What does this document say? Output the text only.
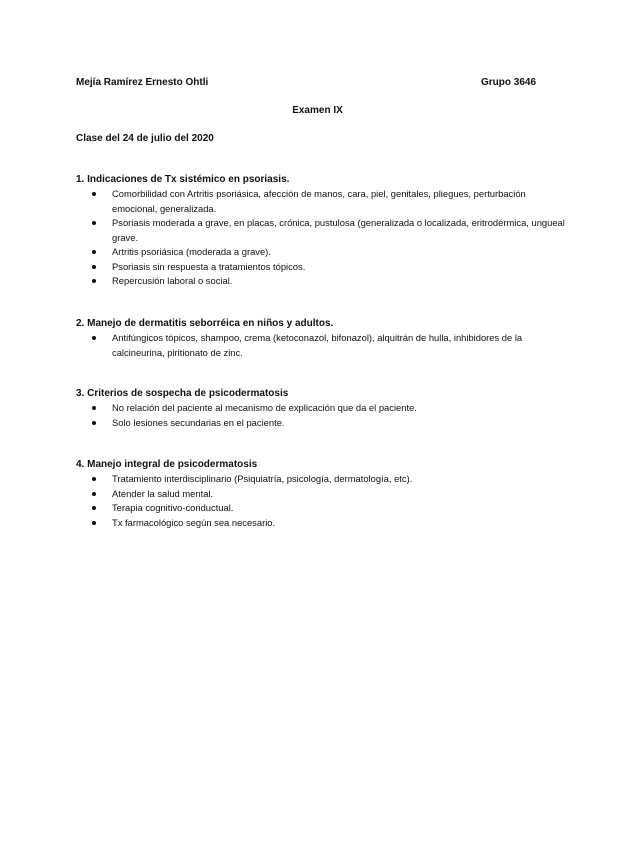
Mejía Ramírez Ernesto Ohtli	Grupo 3646
Examen IX
Clase del 24 de julio del 2020
1. Indicaciones de Tx sistémico en psoriasis.
Comorbilidad con Artritis psoriásica, afección de manos, cara, piel, genitales, pliegues, perturbación emocional, generalizada.
Psoriasis moderada a grave, en placas, crónica, pustulosa (generalizada o localizada, eritrodérmica, ungueal grave.
Artritis psoriásica (moderada a grave).
Psoriasis sin respuesta a tratamientos tópicos.
Repercusión laboral o social.
2. Manejo de dermatitis seborréica en niños y adultos.
Antifúngicos tópicos, shampoo, crema (ketoconazol, bifonazol), alquitrán de hulla, inhibidores de la calcineurina, piritionato de zinc.
3. Criterios de sospecha de psicodermatosis
No relación del paciente al mecanismo de explicación que da el paciente.
Solo lesiones secundarias en el paciente.
4. Manejo integral de psicodermatosis
Tratamiento interdisciplinario (Psiquiatría, psicología, dermatología, etc).
Atender la salud mental.
Terapia cognitivo-conductual.
Tx farmacológico según sea necesario.
